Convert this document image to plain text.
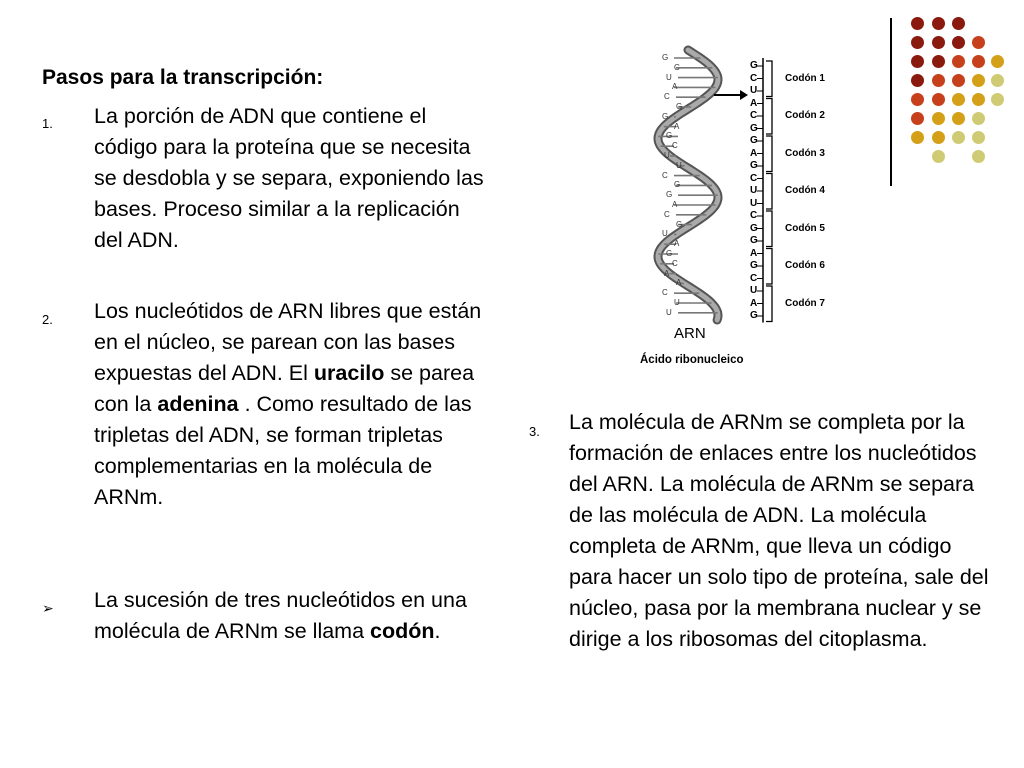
Pasos para la transcripción:
1.	La porción de ADN que contiene el código para la proteína que se necesita se desdobla y se separa, exponiendo las bases. Proceso similar a la replicación del ADN.
2.	Los nucleótidos de ARN libres que están en el núcleo, se parean con las bases expuestas del ADN. El uracilo se parea con la adenina . Como resultado de las tripletas del ADN, se forman tripletas complementarias en la molécula de ARNm.
➢	La sucesión de tres nucleótidos en una molécula de ARNm se llama codón.
3.	La molécula de ARNm se completa por la formación de enlaces entre los nucleótidos del ARN. La molécula de ARNm se separa de las molécula de ADN. La molécula completa de ARNm, que lleva un código para hacer un solo tipo de proteína, sale del núcleo, pasa por la membrana nuclear y se dirige a los ribosomas del citoplasma.
G
C
U
A
C
G
G
A
G
C
U
U
C
G
G
A
C
G
U
A
G
C
A
A
C
U
U
G
C
U
A
C
G
G
A
G
C
U
U
C
G
G
A
G
C
U
A
G
Codón 1
Codón 2
Codón 3
Codón 4
Codón 5
Codón 6
Codón 7
ARN
Ácido ribonucleico
